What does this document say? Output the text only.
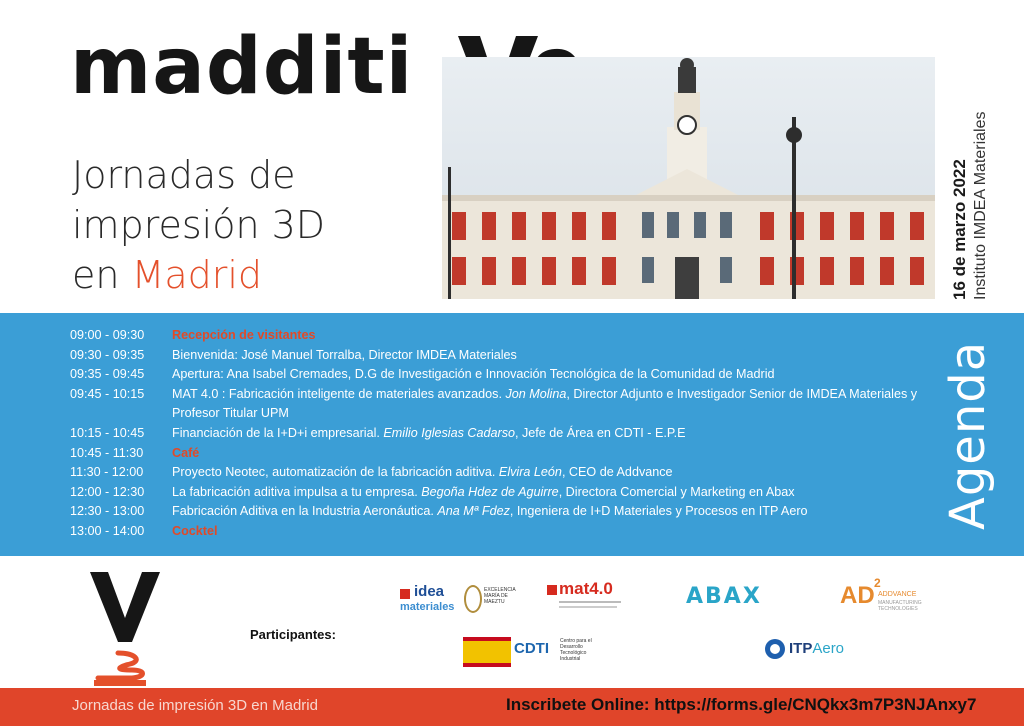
madditi
Jornadas de
impresión 3D
en Madrid	16 de marzo 2022 Instituto IMDEA Materiales
09:00 - 09:30	Recepción de visitantes
09:30 - 09:35	Bienvenida: José Manuel Torralba, Director IMDEA Materiales
09:35 - 09:45	Apertura: Ana Isabel Cremades, D.G de Investigación e Innovación Tecnológica de la Comunidad de Madrid
09:45 - 10:15	MAT 4.0 : Fabricación inteligente de materiales avanzados. Jon Molina, Director Adjunto e Investigador Senior de IMDEA Materiales y Profesor Titular UPM
10:15 - 10:45	Financiación de la I+D+i empresarial. Emilio Iglesias Cadarso, Jefe de Área en CDTI - E.P.E
10:45 - 11:30	Café
11:30 - 12:00	Proyecto Neotec, automatización de la fabricación aditiva. Elvira León, CEO de Addvance
12:00 - 12:30	La fabricación aditiva impulsa a tu empresa. Begoña Hdez de Aguirre, Directora Comercial y Marketing en Abax
12:30 - 13:00	Fabricación Aditiva en la Industria Aeronáutica. Ana Mª Fdez, Ingeniera de I+D Materiales y Procesos en ITP Aero
13:00 - 14:00	Cocktel
Agenda
Participantes:
idea
materiales
EXCELENCIA MARÍA DE MAEZTU
mat4.0	ABAX	AD 2
ADDVANCE
MANUFACTURING TECHNOLOGIES
CDTI Centro para el Desarrollo Tecnológico Industrial
ITPAero
Jornadas de impresión 3D en Madrid	Inscribete Online: https://forms.gle/CNQkx3m7P3NJAnxy7
